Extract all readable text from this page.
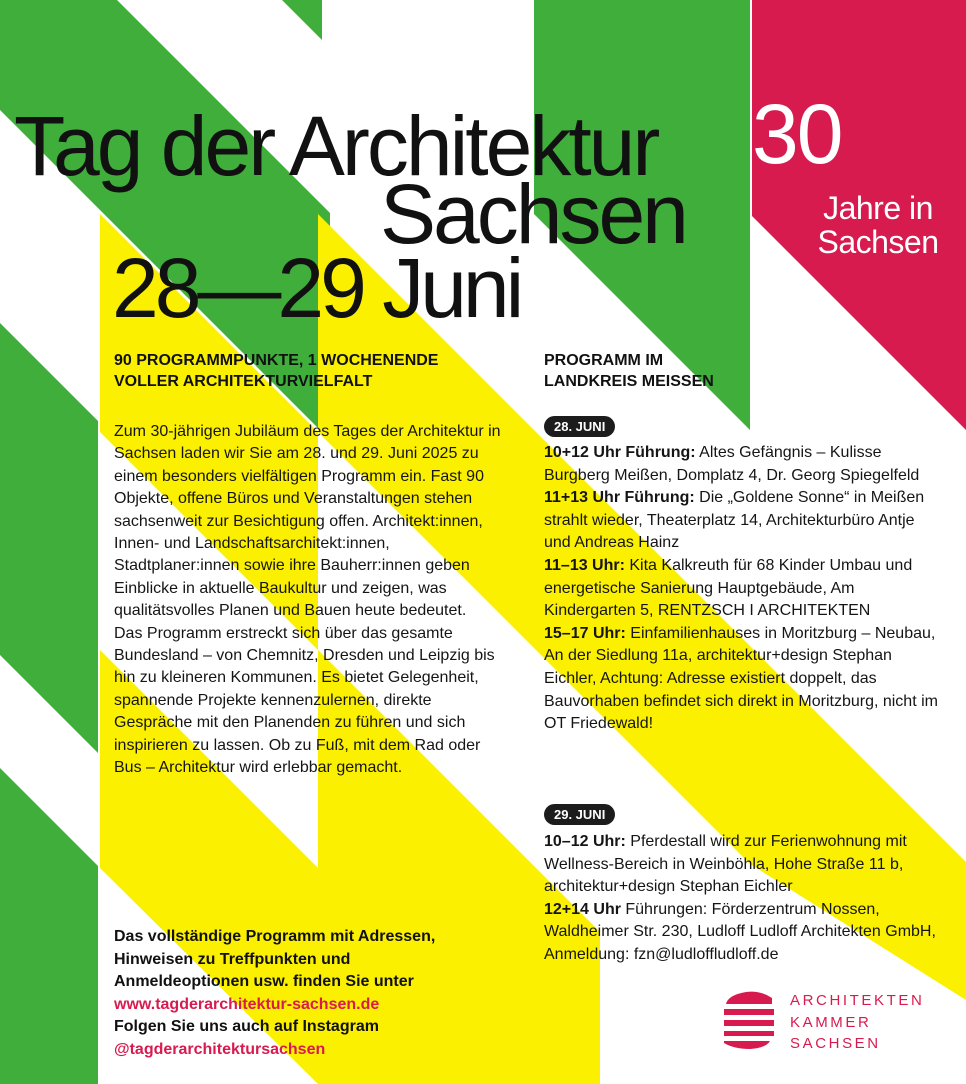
Tag der Architektur
Sachsen
28—29 Juni
30
Jahre in
Sachsen
90 PROGRAMMPUNKTE, 1 WOCHENENDE
VOLLER ARCHITEKTURVIELFALT

Zum 30-jährigen Jubiläum des Tages der Architektur in Sachsen laden wir Sie am 28. und 29. Juni 2025 zu einem besonders vielfältigen Programm ein. Fast 90 Objekte, offene Büros und Veranstaltungen stehen sachsenweit zur Besichtigung offen. Architekt:innen, Innen- und Landschaftsarchitekt:innen, Stadtplaner:innen sowie ihre Bauherr:innen geben Einblicke in aktuelle Baukultur und zeigen, was qualitätsvolles Planen und Bauen heute bedeutet.

Das Programm erstreckt sich über das gesamte Bundesland – von Chemnitz, Dresden und Leipzig bis hin zu kleineren Kommunen. Es bietet Gelegenheit, spannende Projekte kennenzulernen, direkte Gespräche mit den Planenden zu führen und sich inspirieren zu lassen. Ob zu Fuß, mit dem Rad oder Bus – Architektur wird erlebbar gemacht.

PROGRAMM IM
LANDKREIS MEISSEN
28. JUNI

10+12 Uhr Führung: Altes Gefängnis – Kulisse Burgberg Meißen, Domplatz 4, Dr. Georg Spiegelfeld

11+13 Uhr Führung: Die „Goldene Sonne“ in Meißen strahlt wieder, Theaterplatz 14, Architekturbüro Antje und Andreas Hainz

11–13 Uhr: Kita Kalkreuth für 68 Kinder Umbau und energetische Sanierung Hauptgebäude, Am Kindergarten 5, RENTZSCH I ARCHITEKTEN

15–17 Uhr: Einfamilienhauses in Moritzburg – Neubau, An der Siedlung 11a, architektur+design Stephan Eichler, Achtung: Adresse existiert doppelt, das Bauvorhaben befindet sich direkt in Moritzburg, nicht im OT Friedewald!

29. JUNI

10–12 Uhr: Pferdestall wird zur Ferienwohnung mit Wellness-Bereich in Weinböhla, Hohe Straße 11 b, architektur+design Stephan Eichler

12+14 Uhr Führungen: Förderzentrum Nossen, Waldheimer Str. 230, Ludloff Ludloff Architekten GmbH, Anmeldung: fzn@ludloffludloff.de

Das vollständige Programm mit Adressen,
Hinweisen zu Treffpunkten und
Anmeldeoptionen usw. finden Sie unter
www.tagderarchitektur-sachsen.de
Folgen Sie uns auch auf Instagram
@tagderarchitektursachsen
ARCHITEKTEN
KAMMER
SACHSEN
